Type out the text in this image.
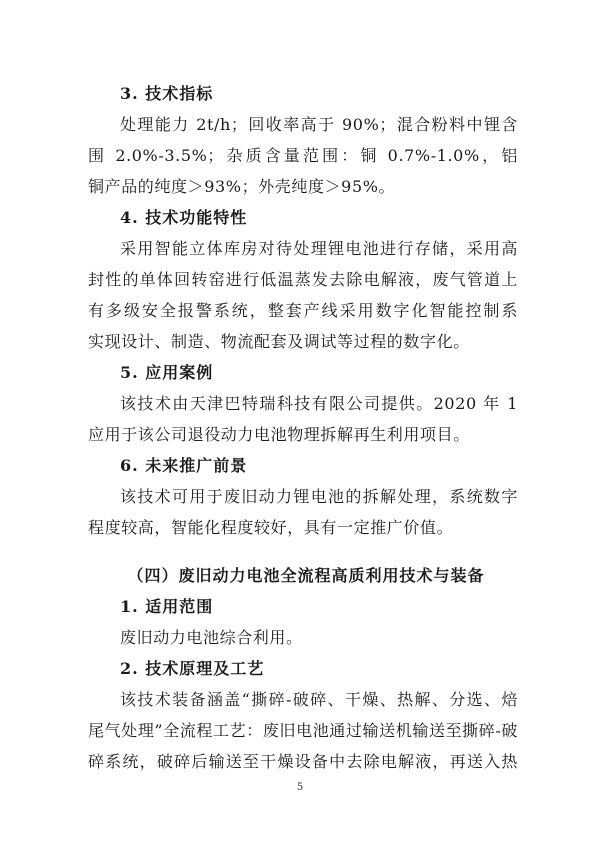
3. 技术指标
处理能力 2t/h；回收率高于 90%；混合粉料中锂含
围 2.0%-3.5%；杂质含量范围：铜 0.7%-1.0%，铝
铜产品的纯度＞93%；外壳纯度＞95%。
4. 技术功能特性
采用智能立体库房对待处理锂电池进行存储，采用高
封性的单体回转窑进行低温蒸发去除电解液，废气管道上
有多级安全报警系统，整套产线采用数字化智能控制系
实现设计、制造、物流配套及调试等过程的数字化。
5. 应用案例
该技术由天津巴特瑞科技有限公司提供。2020 年 1
应用于该公司退役动力电池物理拆解再生利用项目。
6. 未来推广前景
该技术可用于废旧动力锂电池的拆解处理，系统数字
程度较高，智能化程度较好，具有一定推广价值。
（四）废旧动力电池全流程高质利用技术与装备
1. 适用范围
废旧动力电池综合利用。
2. 技术原理及工艺
该技术装备涵盖“撕碎-破碎、干燥、热解、分选、焙
尾气处理”全流程工艺：废旧电池通过输送机输送至撕碎-破
碎系统，破碎后输送至干燥设备中去除电解液，再送入热
5
